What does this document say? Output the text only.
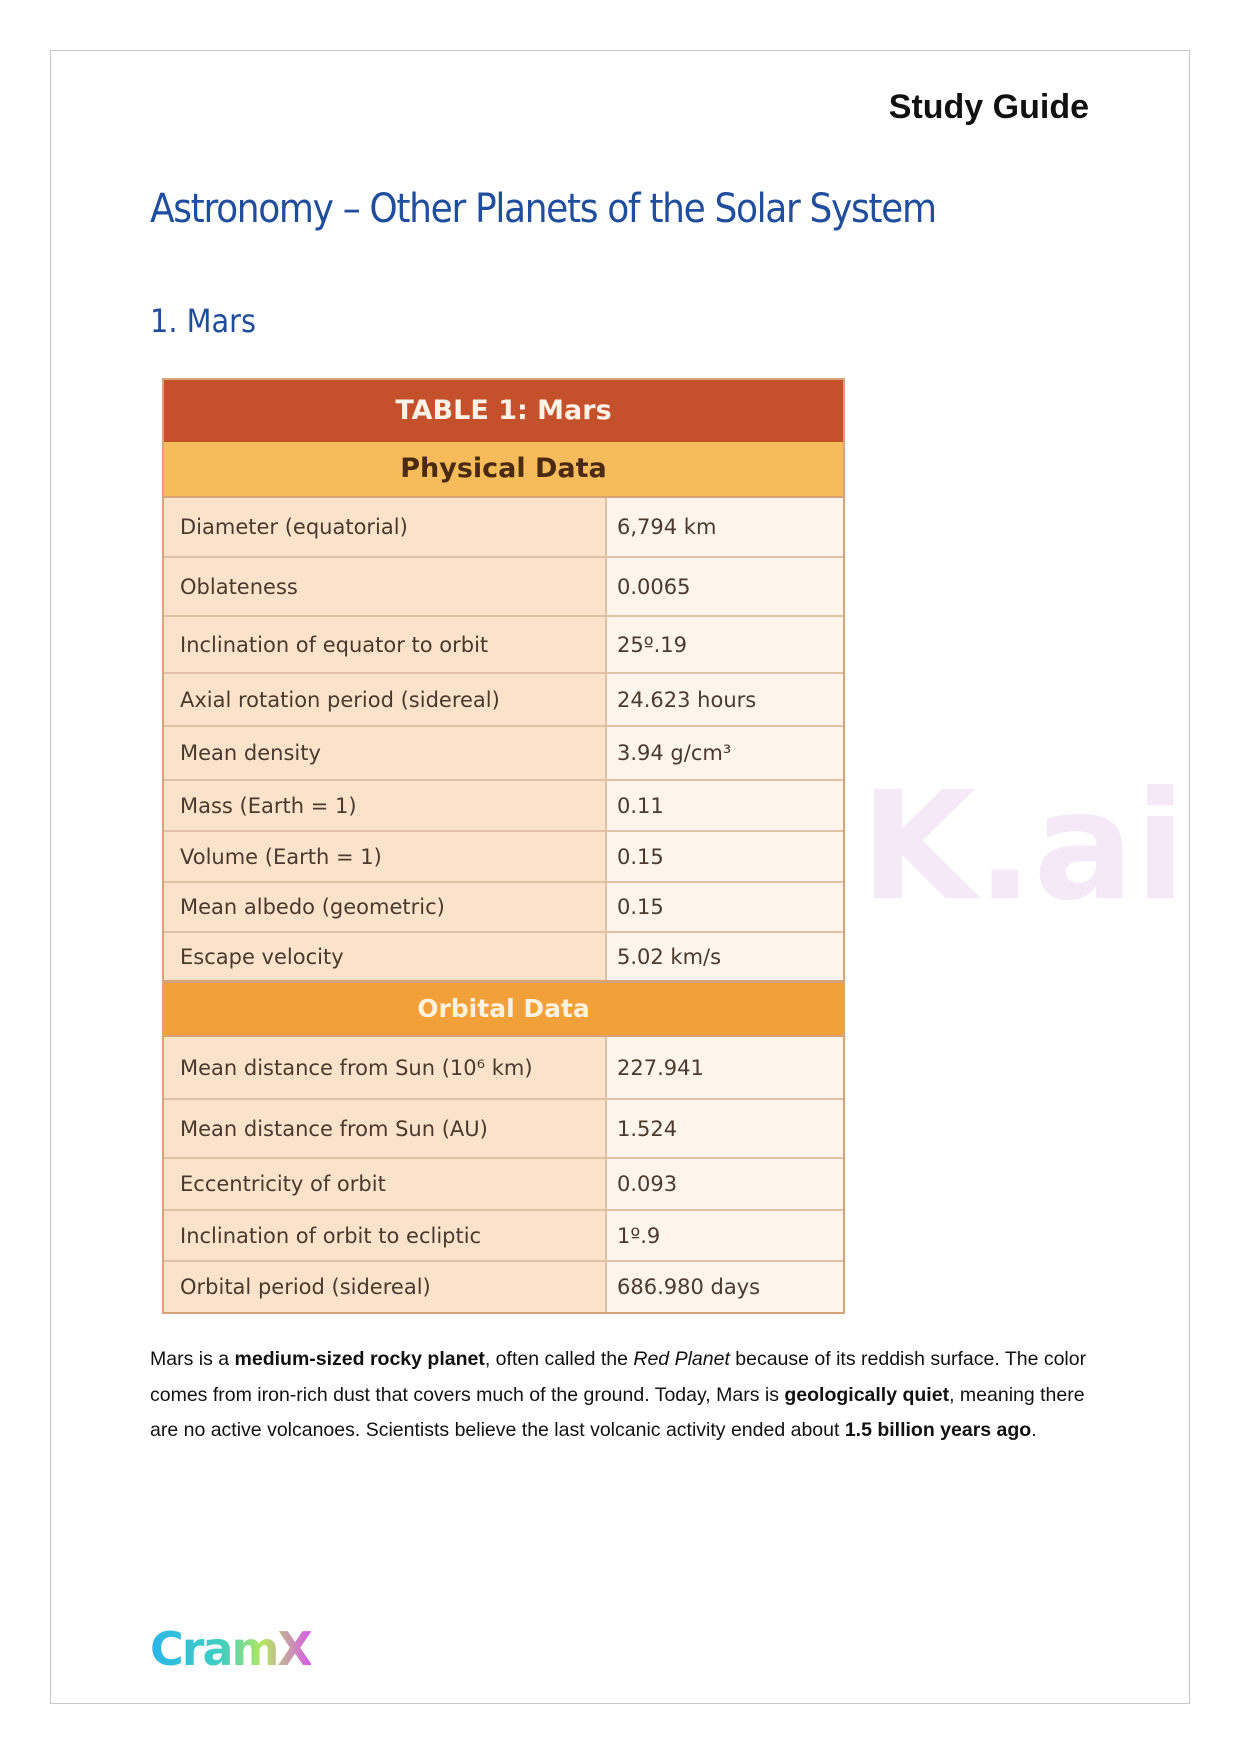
Study Guide
Astronomy – Other Planets of the Solar System
1. Mars
K.ai
TABLE 1: Mars
Physical Data
Diameter (equatorial)	6,794 km
Oblateness	0.0065
Inclination of equator to orbit	25º.19
Axial rotation period (sidereal)	24.623 hours
Mean density	3.94 g/cm³
Mass (Earth = 1)	0.11
Volume (Earth = 1)	0.15
Mean albedo (geometric)	0.15
Escape velocity	5.02 km/s
Orbital Data
Mean distance from Sun (10⁶ km)	227.941
Mean distance from Sun (AU)	1.524
Eccentricity of orbit	0.093
Inclination of orbit to ecliptic	1º.9
Orbital period (sidereal)	686.980 days
Mars is a medium-sized rocky planet, often called the Red Planet because of its reddish surface. The color comes from iron-rich dust that covers much of the ground. Today, Mars is geologically quiet, meaning there are no active volcanoes. Scientists believe the last volcanic activity ended about 1.5 billion years ago.
CramX
